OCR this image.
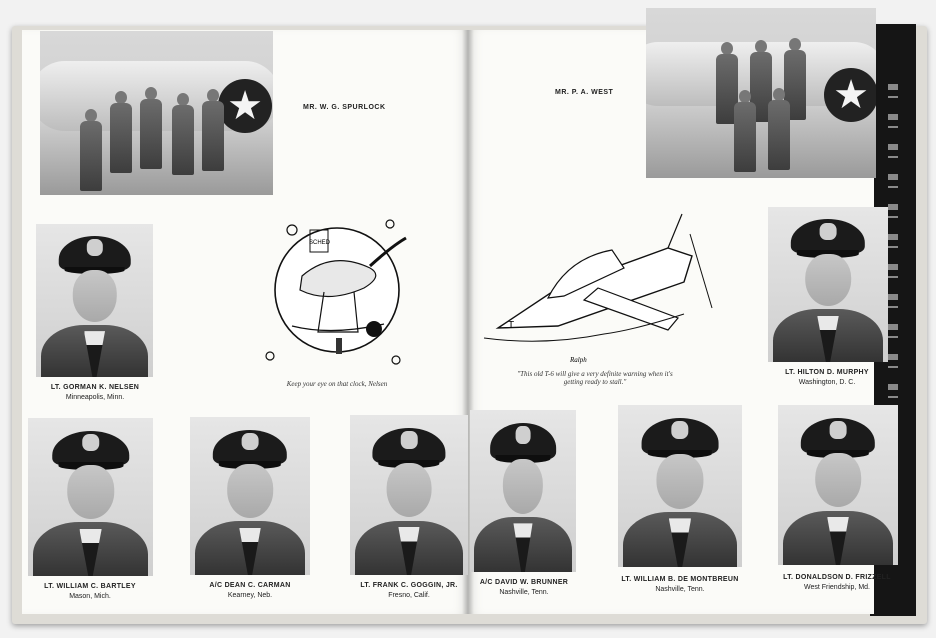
★	MR. W. G. SPURLOCK	★
MR. P. A. WEST
SCHED
Keep your eye on that clock, Nelsen
T
Ralph
"This old T-6 will give a very definite warning when it's
getting ready to stall."
LT. GORMAN K. NELSEN
Minneapolis, Minn.
LT. HILTON D. MURPHY
Washington, D. C.
LT. WILLIAM C. BARTLEY
Mason, Mich.
A/C DEAN C. CARMAN
Kearney, Neb.
LT. FRANK C. GOGGIN, JR.
Fresno, Calif.
A/C DAVID W. BRUNNER
Nashville, Tenn.
LT. WILLIAM B. DE MONTBREUN
Nashville, Tenn.
LT. DONALDSON D. FRIZZELL
West Friendship, Md.
